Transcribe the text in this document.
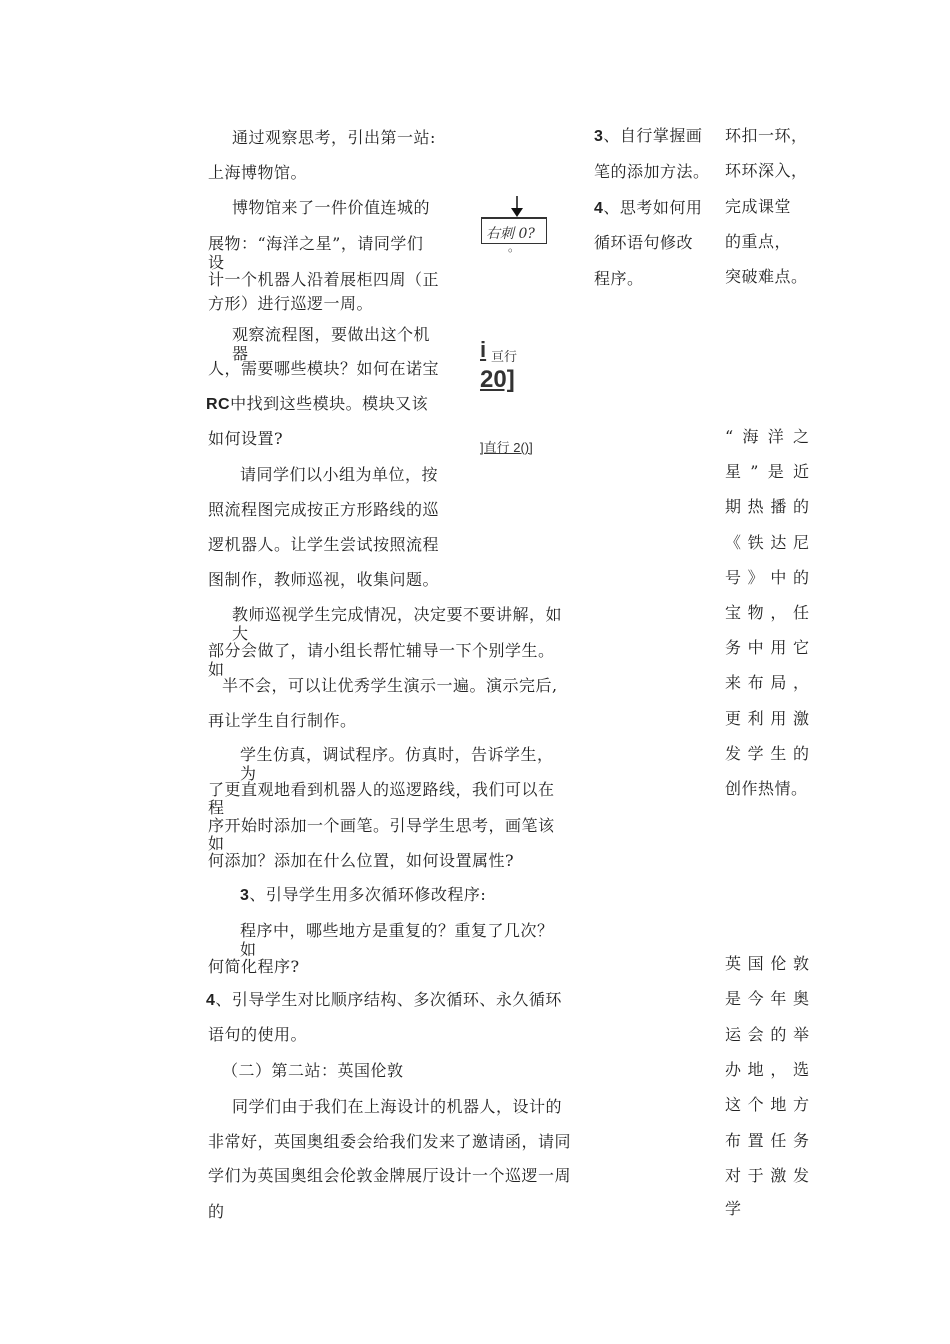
通过观察思考，引出第一站:
上海博物馆。
博物馆来了一件价值连城的
展物：“海洋之星”，请同学们
设
计一个机器人沿着展柜四周（正
方形）进行巡逻一周。
观察流程图，要做出这个机
器
人，需要哪些模块？如何在诺宝
RC中找到这些模块。模块又该
如何设置?
请同学们以小组为单位，按
照流程图完成按正方形路线的巡
逻机器人。让学生尝试按照流程
图制作，教师巡视，收集问题。
教师巡视学生完成情况，决定要不要讲解，如
大
部分会做了，请小组长帮忙辅导一下个别学生。
如
半不会，可以让优秀学生演示一遍。演示完后,
再让学生自行制作。
学生仿真，调试程序。仿真时，告诉学生，
为
了更直观地看到机器人的巡逻路线，我们可以在
程
序开始时添加一个画笔。引导学生思考，画笔该
如
何添加？添加在什么位置，如何设置属性?
3、引导学生用多次循环修改程序:
程序中，哪些地方是重复的？重复了几次？
如
何简化程序?
4、引导学生对比顺序结构、多次循环、永久循环
语句的使用。
（二）第二站：英国伦敦
同学们由于我们在上海设计的机器人，设计的
非常好，英国奥组委会给我们发来了邀请函，请同
学们为英国奥组会伦敦金牌展厅设计一个巡逻一周
的
右刺 0?
。
i 亘行
20]
]直行 2()]
3、自行掌握画
笔的添加方法。
4、思考如何用
循环语句修改
程序。
环扣一环，
环环深入，
完成课堂
的重点，
突破难点。
“ 海 洋 之
星 ” 是 近
期 热 播 的
《 铁 达 尼
号 》 中 的
宝 物 ， 任
务 中 用 它
来 布 局 ，
更 利 用 激
发 学 生 的
创作热情。
英 国 伦 敦
是 今 年 奥
运 会 的 举
办 地 ， 选
这 个 地 方
布 置 任 务
对 于 激 发
学
